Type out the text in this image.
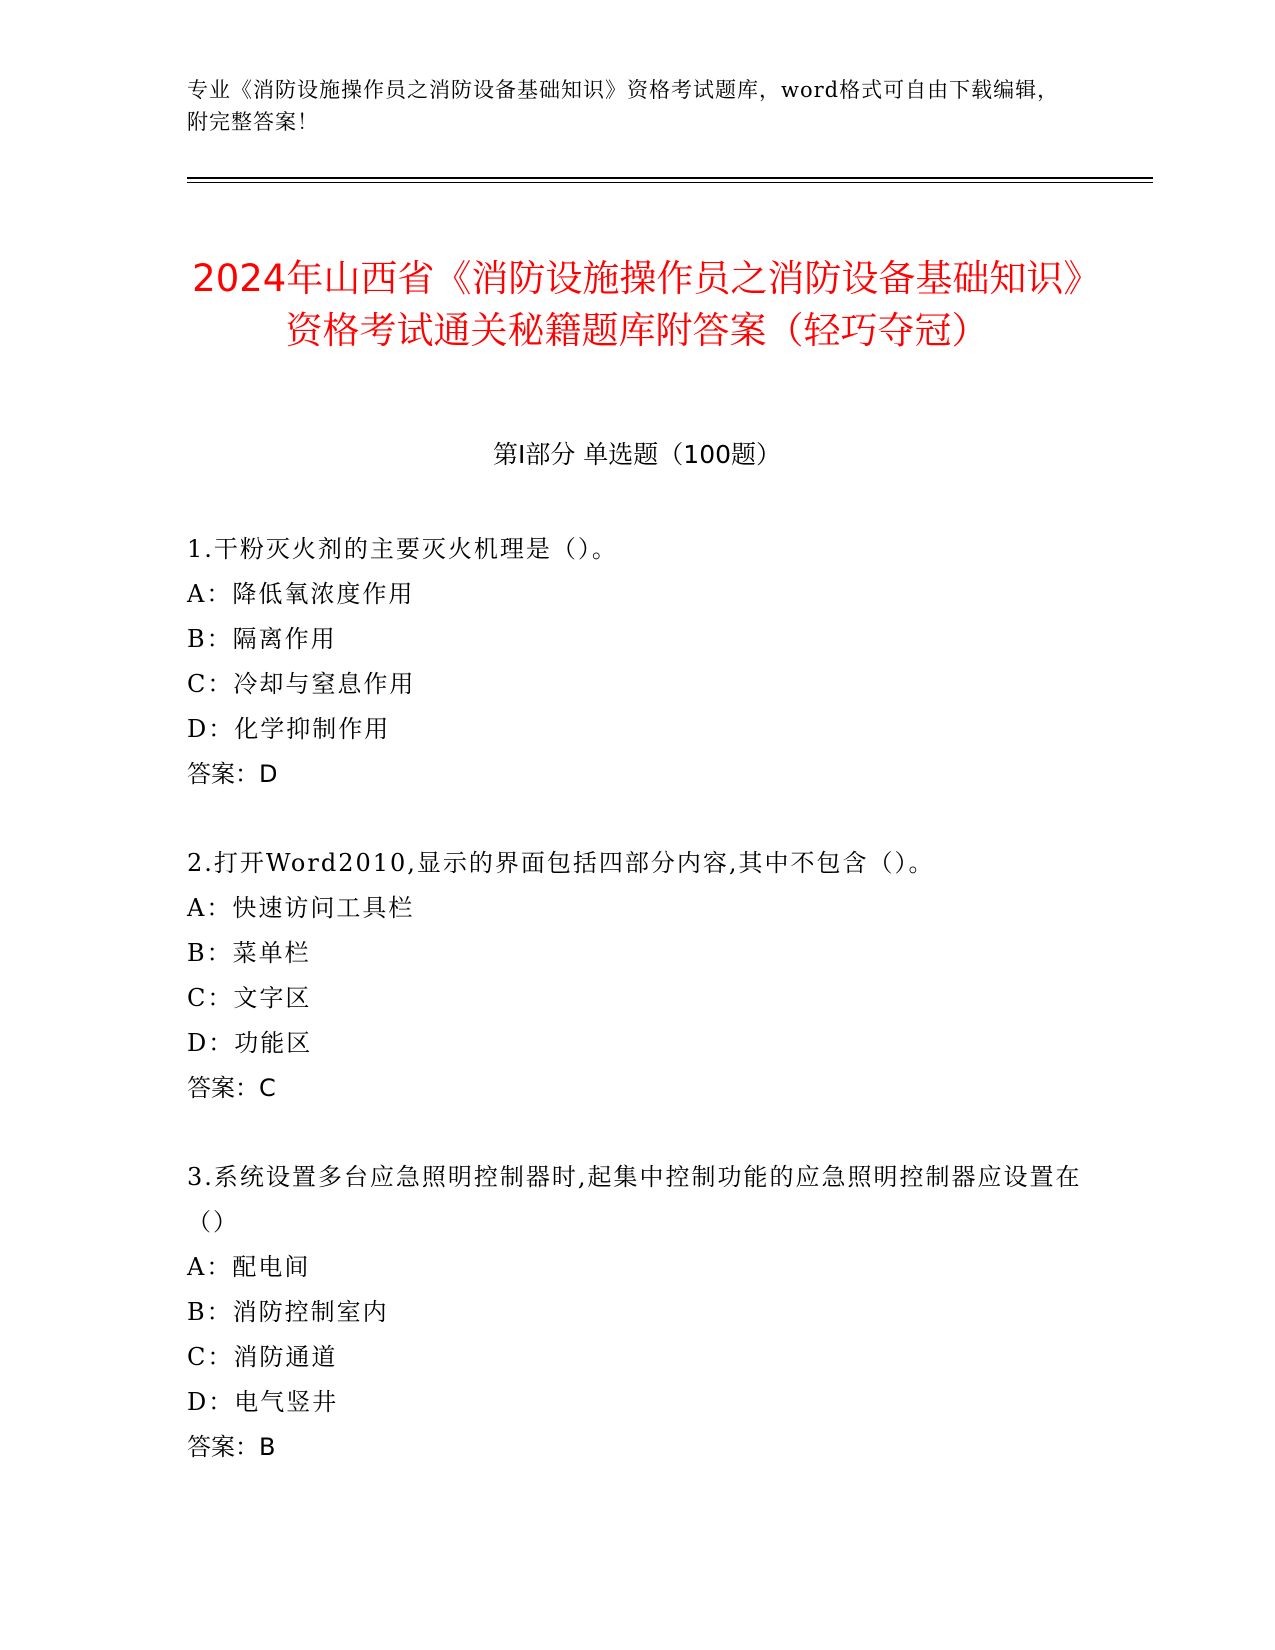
专业《消防设施操作员之消防设备基础知识》资格考试题库，word格式可自由下载编辑，附完整答案！
2024年山西省《消防设施操作员之消防设备基础知识》资格考试通关秘籍题库附答案（轻巧夺冠）
第I部分 单选题（100题）
1.干粉灭火剂的主要灭火机理是（）。
A：降低氧浓度作用
B：隔离作用
C：冷却与窒息作用
D：化学抑制作用
答案：D
2.打开Word2010,显示的界面包括四部分内容,其中不包含（）。
A：快速访问工具栏
B：菜单栏
C：文字区
D：功能区
答案：C
3.系统设置多台应急照明控制器时,起集中控制功能的应急照明控制器应设置在（）
A：配电间
B：消防控制室内
C：消防通道
D：电气竖井
答案：B
